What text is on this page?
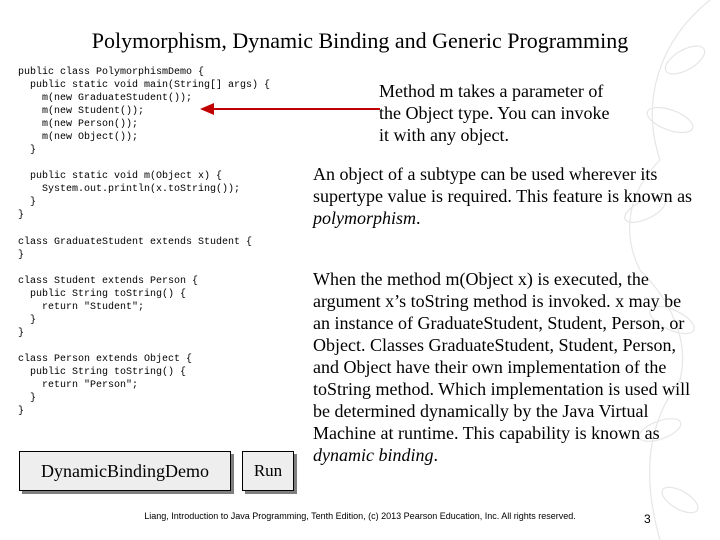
Polymorphism, Dynamic Binding and Generic Programming
public class PolymorphismDemo {
public static void main(String[] args) {
m(new GraduateStudent());
m(new Student());
m(new Person());
m(new Object());
}

public static void m(Object x) {
System.out.println(x.toString());
}
}
class GraduateStudent extends Student {
}

class Student extends Person {
public String toString() {
return "Student";
}
}

class Person extends Object {
public String toString() {
return "Person";
}
}

Method m takes a parameter of the Object type. You can invoke it with any object.

An object of a subtype can be used wherever its supertype value is required. This feature is known as polymorphism.

When the method m(Object x) is executed, the argument x’s toString method is invoked. x may be an instance of GraduateStudent, Student, Person, or Object. Classes GraduateStudent, Student, Person, and Object have their own implementation of the toString method. Which implementation is used will be determined dynamically by the Java Virtual Machine at runtime. This capability is known as dynamic binding.

DynamicBindingDemo	Run
Liang, Introduction to Java Programming, Tenth Edition, (c) 2013 Pearson Education, Inc. All rights reserved.	3
